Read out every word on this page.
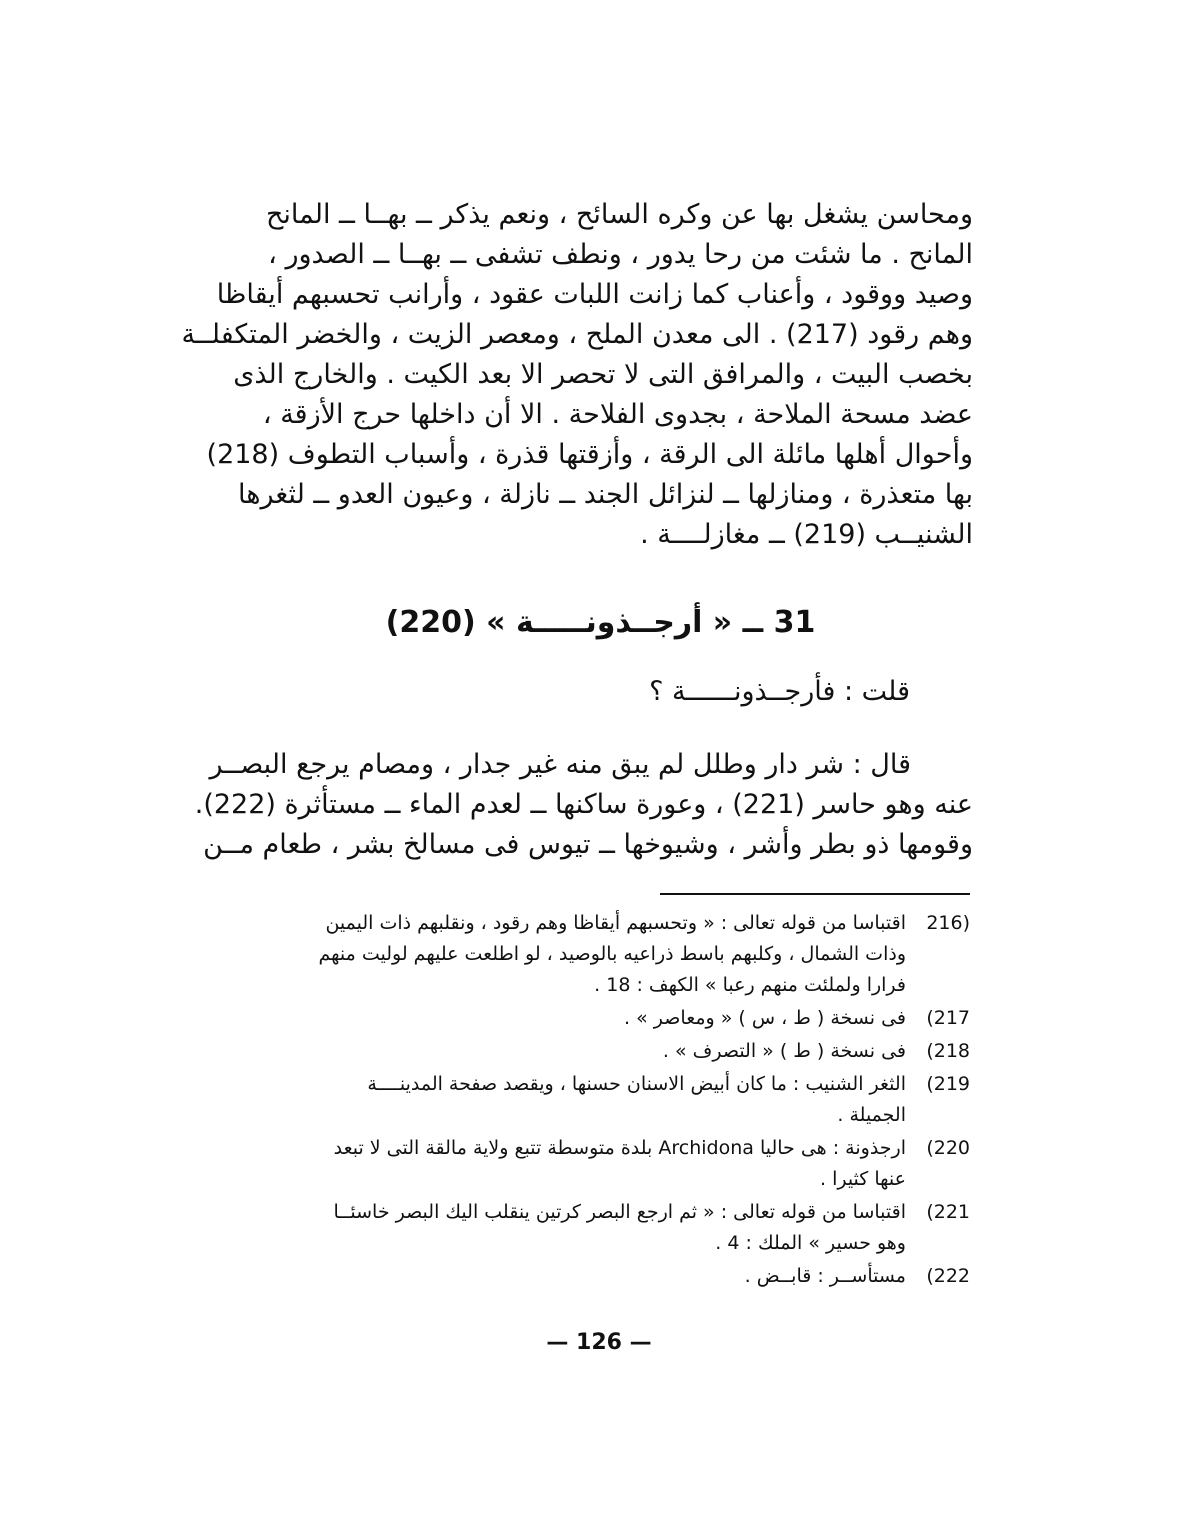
ومحاسن يشغل بها عن وكره السائح ، ونعم يذكر ــ بهــا ــ المانح
المانح . ما شئت من رحا يدور ، ونطف تشفى ــ بهــا ــ الصدور ،
وصيد ووقود ، وأعناب كما زانت اللبات عقود ، وأرانب تحسبهم أيقاظا
وهم رقود (217) . الى معدن الملح ، ومعصر الزيت ، والخضر المتكفلــة
بخصب البيت ، والمرافق التى لا تحصر الا بعد الكيت . والخارج الذى
عضد مسحة الملاحة ، بجدوى الفلاحة . الا أن داخلها حرج الأزقة ،
وأحوال أهلها مائلة الى الرقة ، وأزقتها قذرة ، وأسباب التطوف (218)
بها متعذرة ، ومنازلها ــ لنزائل الجند ــ نازلة ، وعيون العدو ــ لثغرها
الشنيــب (219) ــ مغازلــــة .
31 ــ « أرجــذونـــــة » (220)

قلت : فأرجــذونــــــة ؟

قال : شر دار وطلل لم يبق منه غير جدار ، ومصام يرجع البصــر
عنه وهو حاسر (221) ، وعورة ساكنها ــ لعدم الماء ــ مستأثرة (222).
وقومها ذو بطر وأشر ، وشيوخها ــ تيوس فى مسالخ بشر ، طعام مــن
216)
اقتباسا من قوله تعالى : « وتحسبهم أيقاظا وهم رقود ، ونقلبهم ذات اليمين
وذات الشمال ، وكلبهم باسط ذراعيه بالوصيد ، لو اطلعت عليهم لوليت منهم
فرارا ولملئت منهم رعبا » الكهف : 18 .
(217
فى نسخة ( ط ، س ) « ومعاصر » .
(218
فى نسخة ( ط ) « التصرف » .
(219
الثغر الشنيب : ما كان أبيض الاسنان حسنها ، ويقصد صفحة المدينــــة
الجميلة .
(220
ارجذونة : هى حاليا Archidona بلدة متوسطة تتبع ولاية مالقة التى لا تبعد
عنها كثيرا .
(221
اقتباسا من قوله تعالى : « ثم ارجع البصر كرتين ينقلب اليك البصر خاسئــا
وهو حسير » الملك : 4 .
(222
مستأســر : قابــض .

— 126 —
